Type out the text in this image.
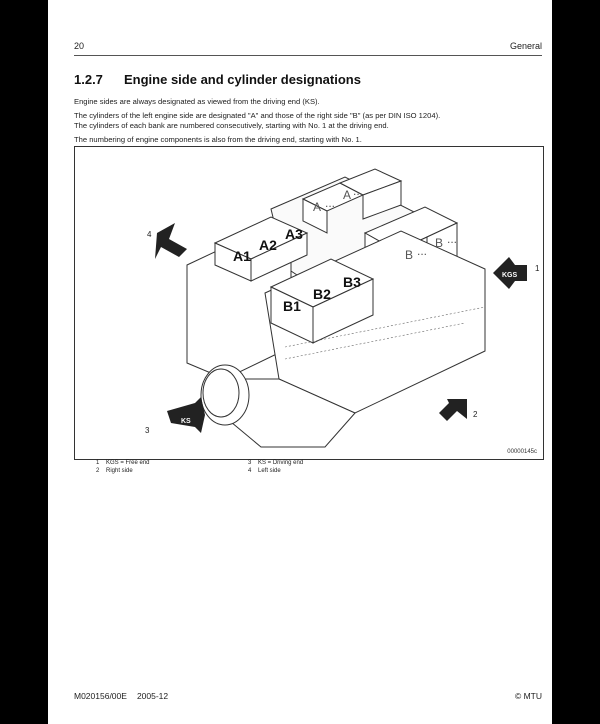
20	General
1.2.7 Engine side and cylinder designations

Engine sides are always designated as viewed from the driving end (KS).

The cylinders of the left engine side are designated "A" and those of the right side "B" (as per DIN ISO 1204).

The cylinders of each bank are numbered consecutively, starting with No. 1 at the driving end.

The numbering of engine components is also from the driving end, starting with No. 1.

A1
A2
A3
B1
B2
B3
A ...
A ...
B ...
B ...
KGS
KS
1
2
3
4
00000145c
1 KGS = Free end
2 Right side
3 KS = Driving end
4 Left side
M020156/00E 2005-12	© MTU
